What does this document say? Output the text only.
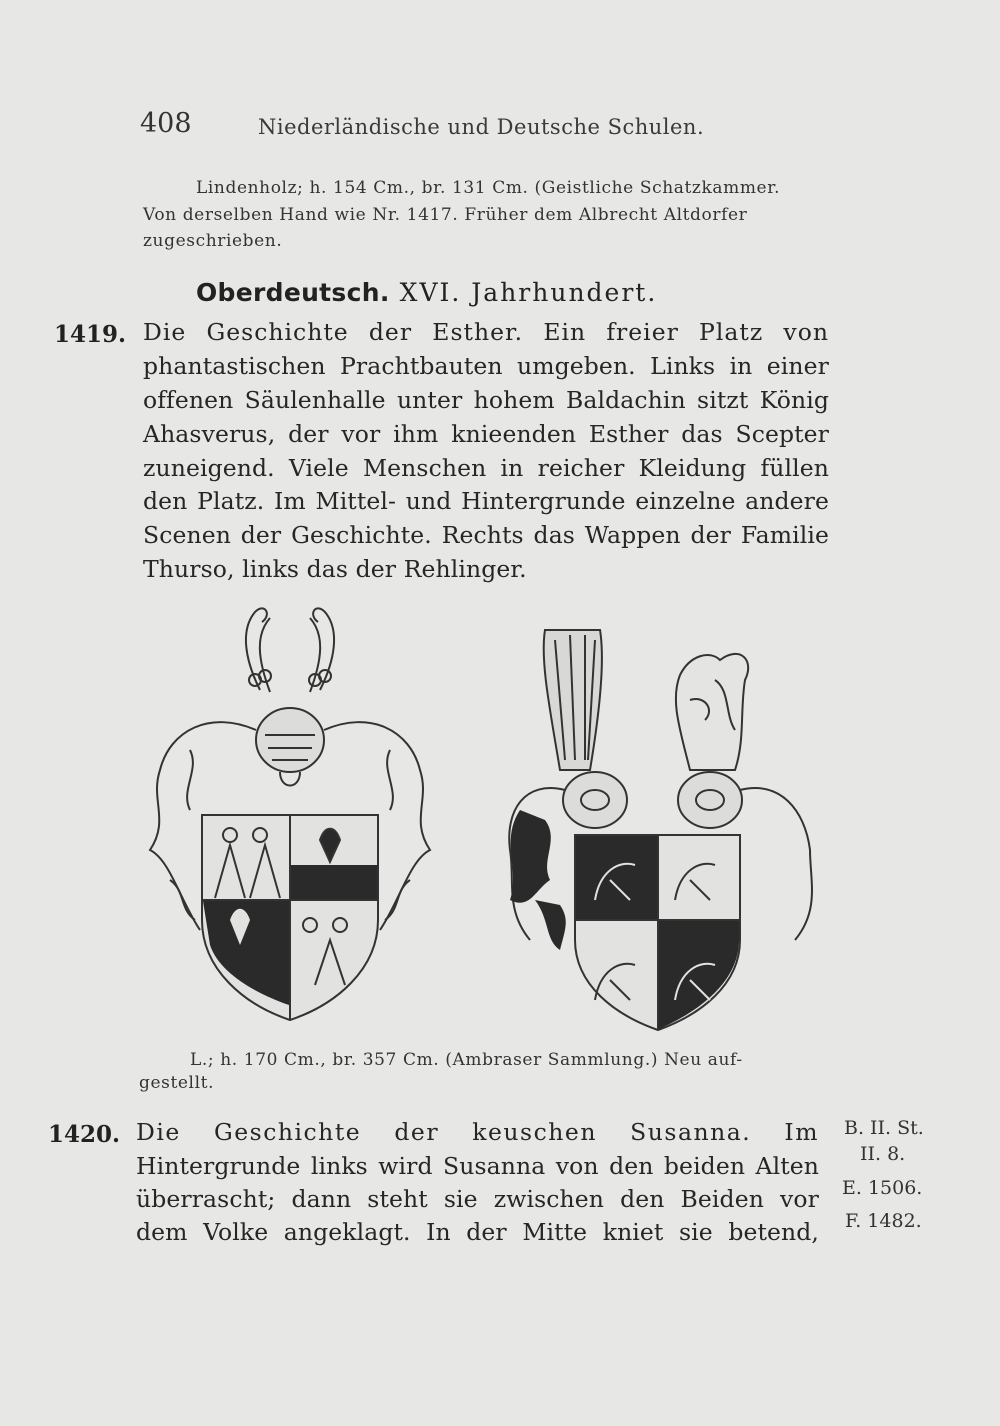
408	Niederländische und Deutsche Schulen.
Lindenholz; h. 154 Cm., br. 131 Cm. (Geistliche Schatzkammer.
Von derselben Hand wie Nr. 1417. Früher dem Albrecht Altdorfer
zugeschrieben.
Oberdeutsch. XVI. Jahrhundert.
1419. Die Geschichte der Esther. Ein freier Platz von
phantastischen Prachtbauten umgeben. Links in einer
offenen Säulenhalle unter hohem Baldachin sitzt König
Ahasverus, der vor ihm knieenden Esther das Scepter
zuneigend. Viele Menschen in reicher Kleidung füllen
den Platz. Im Mittel- und Hintergrunde einzelne andere
Scenen der Geschichte. Rechts das Wappen der Familie
Thurso, links das der Rehlinger.

L.; h. 170 Cm., br. 357 Cm. (Ambraser Sammlung.) Neu auf-
gestellt.
1420. Die Geschichte der keuschen Susanna. Im
Hintergrunde links wird Susanna von den beiden Alten
überrascht; dann steht sie zwischen den Beiden vor
dem Volke angeklagt. In der Mitte kniet sie betend,
B. II. St.
II. 8.
E. 1506.
F. 1482.
